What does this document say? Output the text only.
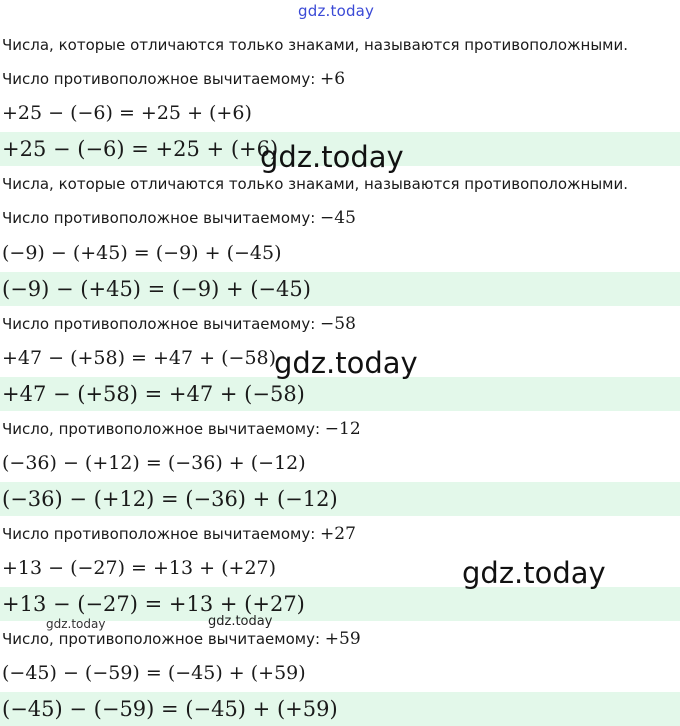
Числа, которые отличаются только знаками, называются противоположными.
Число противоположное вычитаемому: +6
+25 − (−6) = +25 + (+6)
+25 − (−6) = +25 + (+6)
Числа, которые отличаются только знаками, называются противоположными.
Число противоположное вычитаемому: −45
(−9) − (+45) = (−9) + (−45)
(−9) − (+45) = (−9) + (−45)
Число противоположное вычитаемому: −58
+47 − (+58) = +47 + (−58)
+47 − (+58) = +47 + (−58)
Число, противоположное вычитаемому: −12
(−36) − (+12) = (−36) + (−12)
(−36) − (+12) = (−36) + (−12)
Число противоположное вычитаемому: +27
+13 − (−27) = +13 + (+27)
+13 − (−27) = +13 + (+27)
Число, противоположное вычитаемому: +59
(−45) − (−59) = (−45) + (+59)
(−45) − (−59) = (−45) + (+59)
gdz.today
gdz.today
gdz.today
gdz.today
gdz.today	gdz.today
